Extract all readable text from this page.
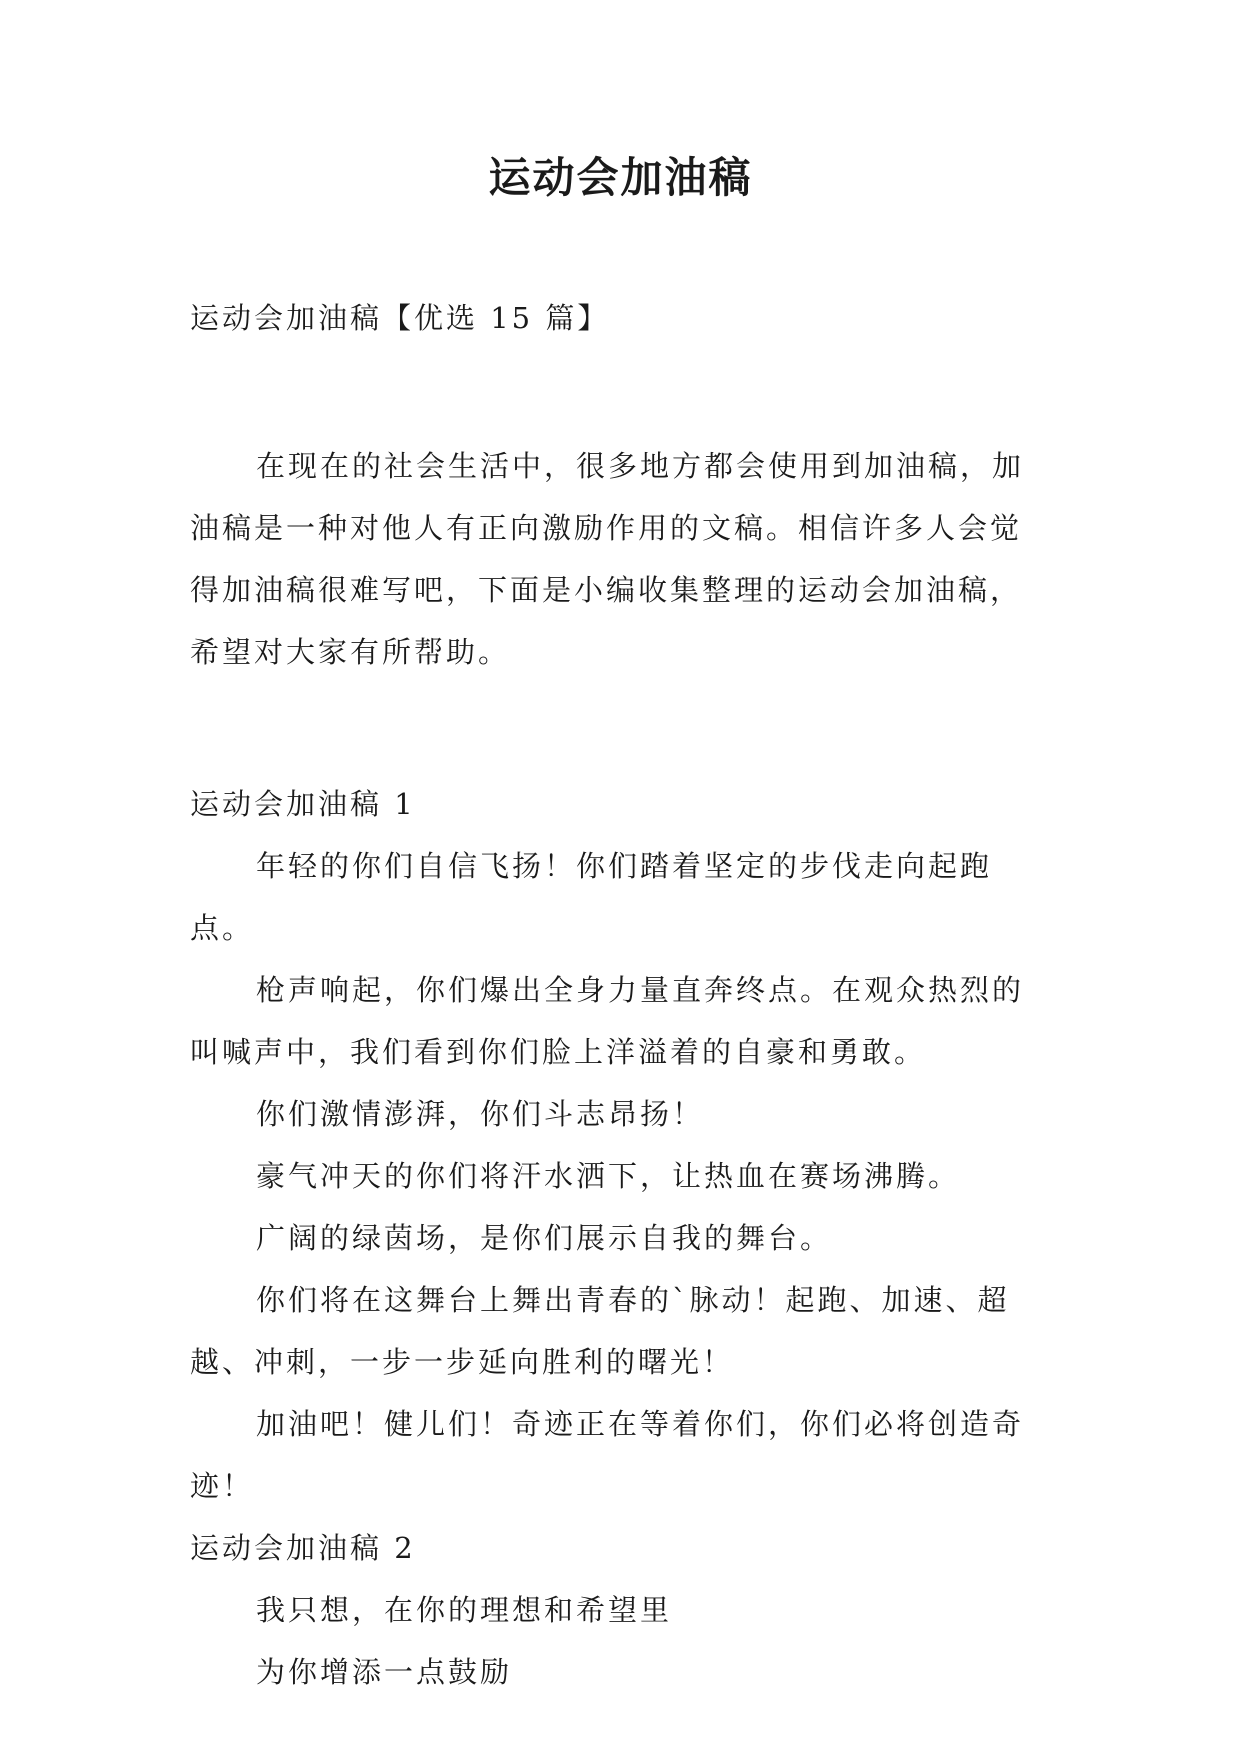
运动会加油稿
运动会加油稿【优选 15 篇】
在现在的社会生活中，很多地方都会使用到加油稿，加
油稿是一种对他人有正向激励作用的文稿。相信许多人会觉
得加油稿很难写吧，下面是小编收集整理的运动会加油稿，
希望对大家有所帮助。
运动会加油稿 1
年轻的你们自信飞扬！你们踏着坚定的步伐走向起跑
点。
枪声响起，你们爆出全身力量直奔终点。在观众热烈的
叫喊声中，我们看到你们脸上洋溢着的自豪和勇敢。
你们激情澎湃，你们斗志昂扬！
豪气冲天的你们将汗水洒下，让热血在赛场沸腾。
广阔的绿茵场，是你们展示自我的舞台。
你们将在这舞台上舞出青春的`脉动！起跑、加速、超
越、冲刺，一步一步延向胜利的曙光！
加油吧！健儿们！奇迹正在等着你们，你们必将创造奇
迹！
运动会加油稿 2
我只想，在你的理想和希望里
为你增添一点鼓励
